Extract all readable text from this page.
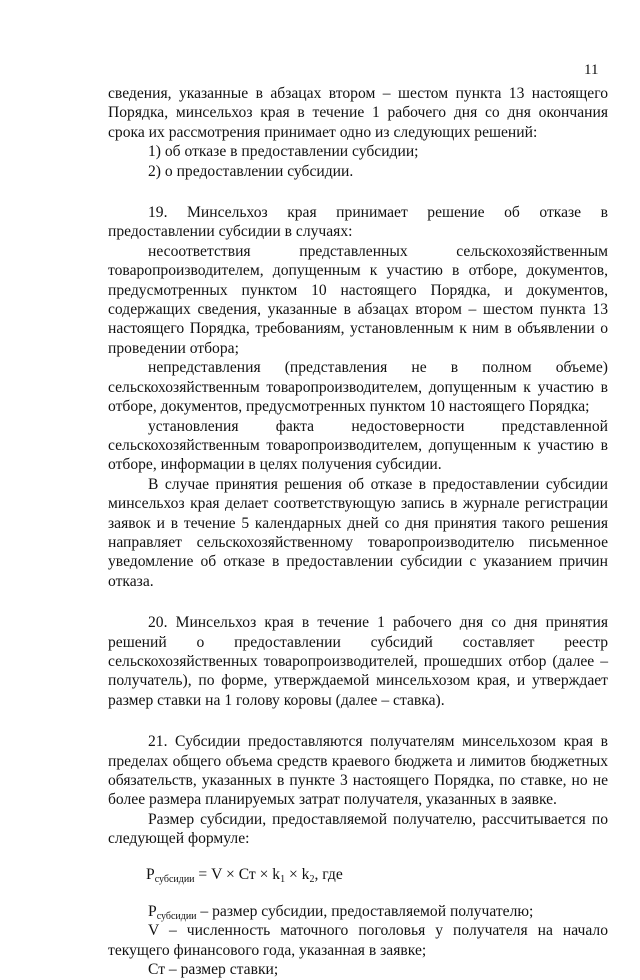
11

сведения, указанные в абзацах втором – шестом пункта 13 настоящего Порядка, минсельхоз края в течение 1 рабочего дня со дня окончания срока их рассмотрения принимает одно из следующих решений:

1) об отказе в предоставлении субсидии;

2) о предоставлении субсидии.

19. Минсельхоз края принимает решение об отказе в предоставлении субсидии в случаях:

несоответствия представленных сельскохозяйственным товаропроизводителем, допущенным к участию в отборе, документов, предусмотренных пунктом 10 настоящего Порядка, и документов, содержащих сведения, указанные в абзацах втором – шестом пункта 13 настоящего Порядка, требованиям, установленным к ним в объявлении о проведении отбора;

непредставления (представления не в полном объеме) сельскохозяйственным товаропроизводителем, допущенным к участию в отборе, документов, предусмотренных пунктом 10 настоящего Порядка;

установления факта недостоверности представленной сельскохозяйственным товаропроизводителем, допущенным к участию в отборе, информации в целях получения субсидии.

В случае принятия решения об отказе в предоставлении субсидии минсельхоз края делает соответствующую запись в журнале регистрации заявок и в течение 5 календарных дней со дня принятия такого решения направляет сельскохозяйственному товаропроизводителю письменное уведомление об отказе в предоставлении субсидии с указанием причин отказа.

20. Минсельхоз края в течение 1 рабочего дня со дня принятия решений о предоставлении субсидий составляет реестр сельскохозяйственных товаропроизводителей, прошедших отбор (далее – получатель), по форме, утверждаемой минсельхозом края, и утверждает размер ставки на 1 голову коровы (далее – ставка).

21. Субсидии предоставляются получателям минсельхозом края в пределах общего объема средств краевого бюджета и лимитов бюджетных обязательств, указанных в пункте 3 настоящего Порядка, по ставке, но не более размера планируемых затрат получателя, указанных в заявке.

Размер субсидии, предоставляемой получателю, рассчитывается по следующей формуле:

$P_{субсидии} = V$ × Ст × $k_1 \times k_2$, где

$P_{субсидии}$ – размер субсидии, предоставляемой получателю;

V – численность маточного поголовья у получателя на начало текущего финансового года, указанная в заявке;

Ст – размер ставки;
